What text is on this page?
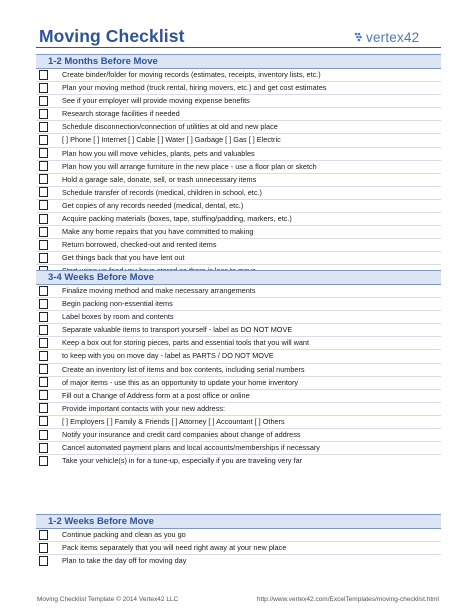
Moving Checklist	vertex42
1-2 Months Before Move
Create binder/folder for moving records (estimates, receipts, inventory lists, etc.)
Plan your moving method (truck rental, hiring movers, etc.) and get cost estimates
See if your employer will provide moving expense benefits
Research storage facilities if needed
Schedule disconnection/connection of utilities at old and new place
[ ] Phone [ ] Internet [ ] Cable [ ] Water [ ] Garbage [ ] Gas [ ] Electric
Plan how you will move vehicles, plants, pets and valuables
Plan how you will arrange furniture in the new place - use a floor plan or sketch
Hold a garage sale, donate, sell, or trash unnecessary items
Schedule transfer of records (medical, children in school, etc.)
Get copies of any records needed (medical, dental, etc.)
Acquire packing materials (boxes, tape, stuffing/padding, markers, etc.)
Make any home repairs that you have committed to making
Return borrowed, checked-out and rented items
Get things back that you have lent out
3-4 Weeks Before Move
Finalize moving method and make necessary arrangements
Begin packing non-essential items
Label boxes by room and contents
Separate valuable items to transport yourself - label as DO NOT MOVE
Keep a box out for storing pieces, parts and essential tools that you will want
to keep with you on move day - label as PARTS / DO NOT MOVE
Create an inventory list of items and box contents, including serial numbers
of major items - use this as an opportunity to update your home inventory
Fill out a Change of Address form at a post office or online
Provide important contacts with your new address:
[ ] Employers [ ] Family & Friends [ ] Attorney [ ] Accountant [ ] Others
Notify your insurance and credit card companies about change of address
Cancel automated payment plans and local accounts/memberships if necessary
Take your vehicle(s) in for a tune-up, especially if you are traveling very far
1-2 Weeks Before Move
Continue packing and clean as you go
Pack items separately that you will need right away at your new place
Plan to take the day off for moving day
Moving Checklist Template © 2014 Vertex42 LLC	http://www.vertex42.com/ExcelTemplates/moving-checklist.html
